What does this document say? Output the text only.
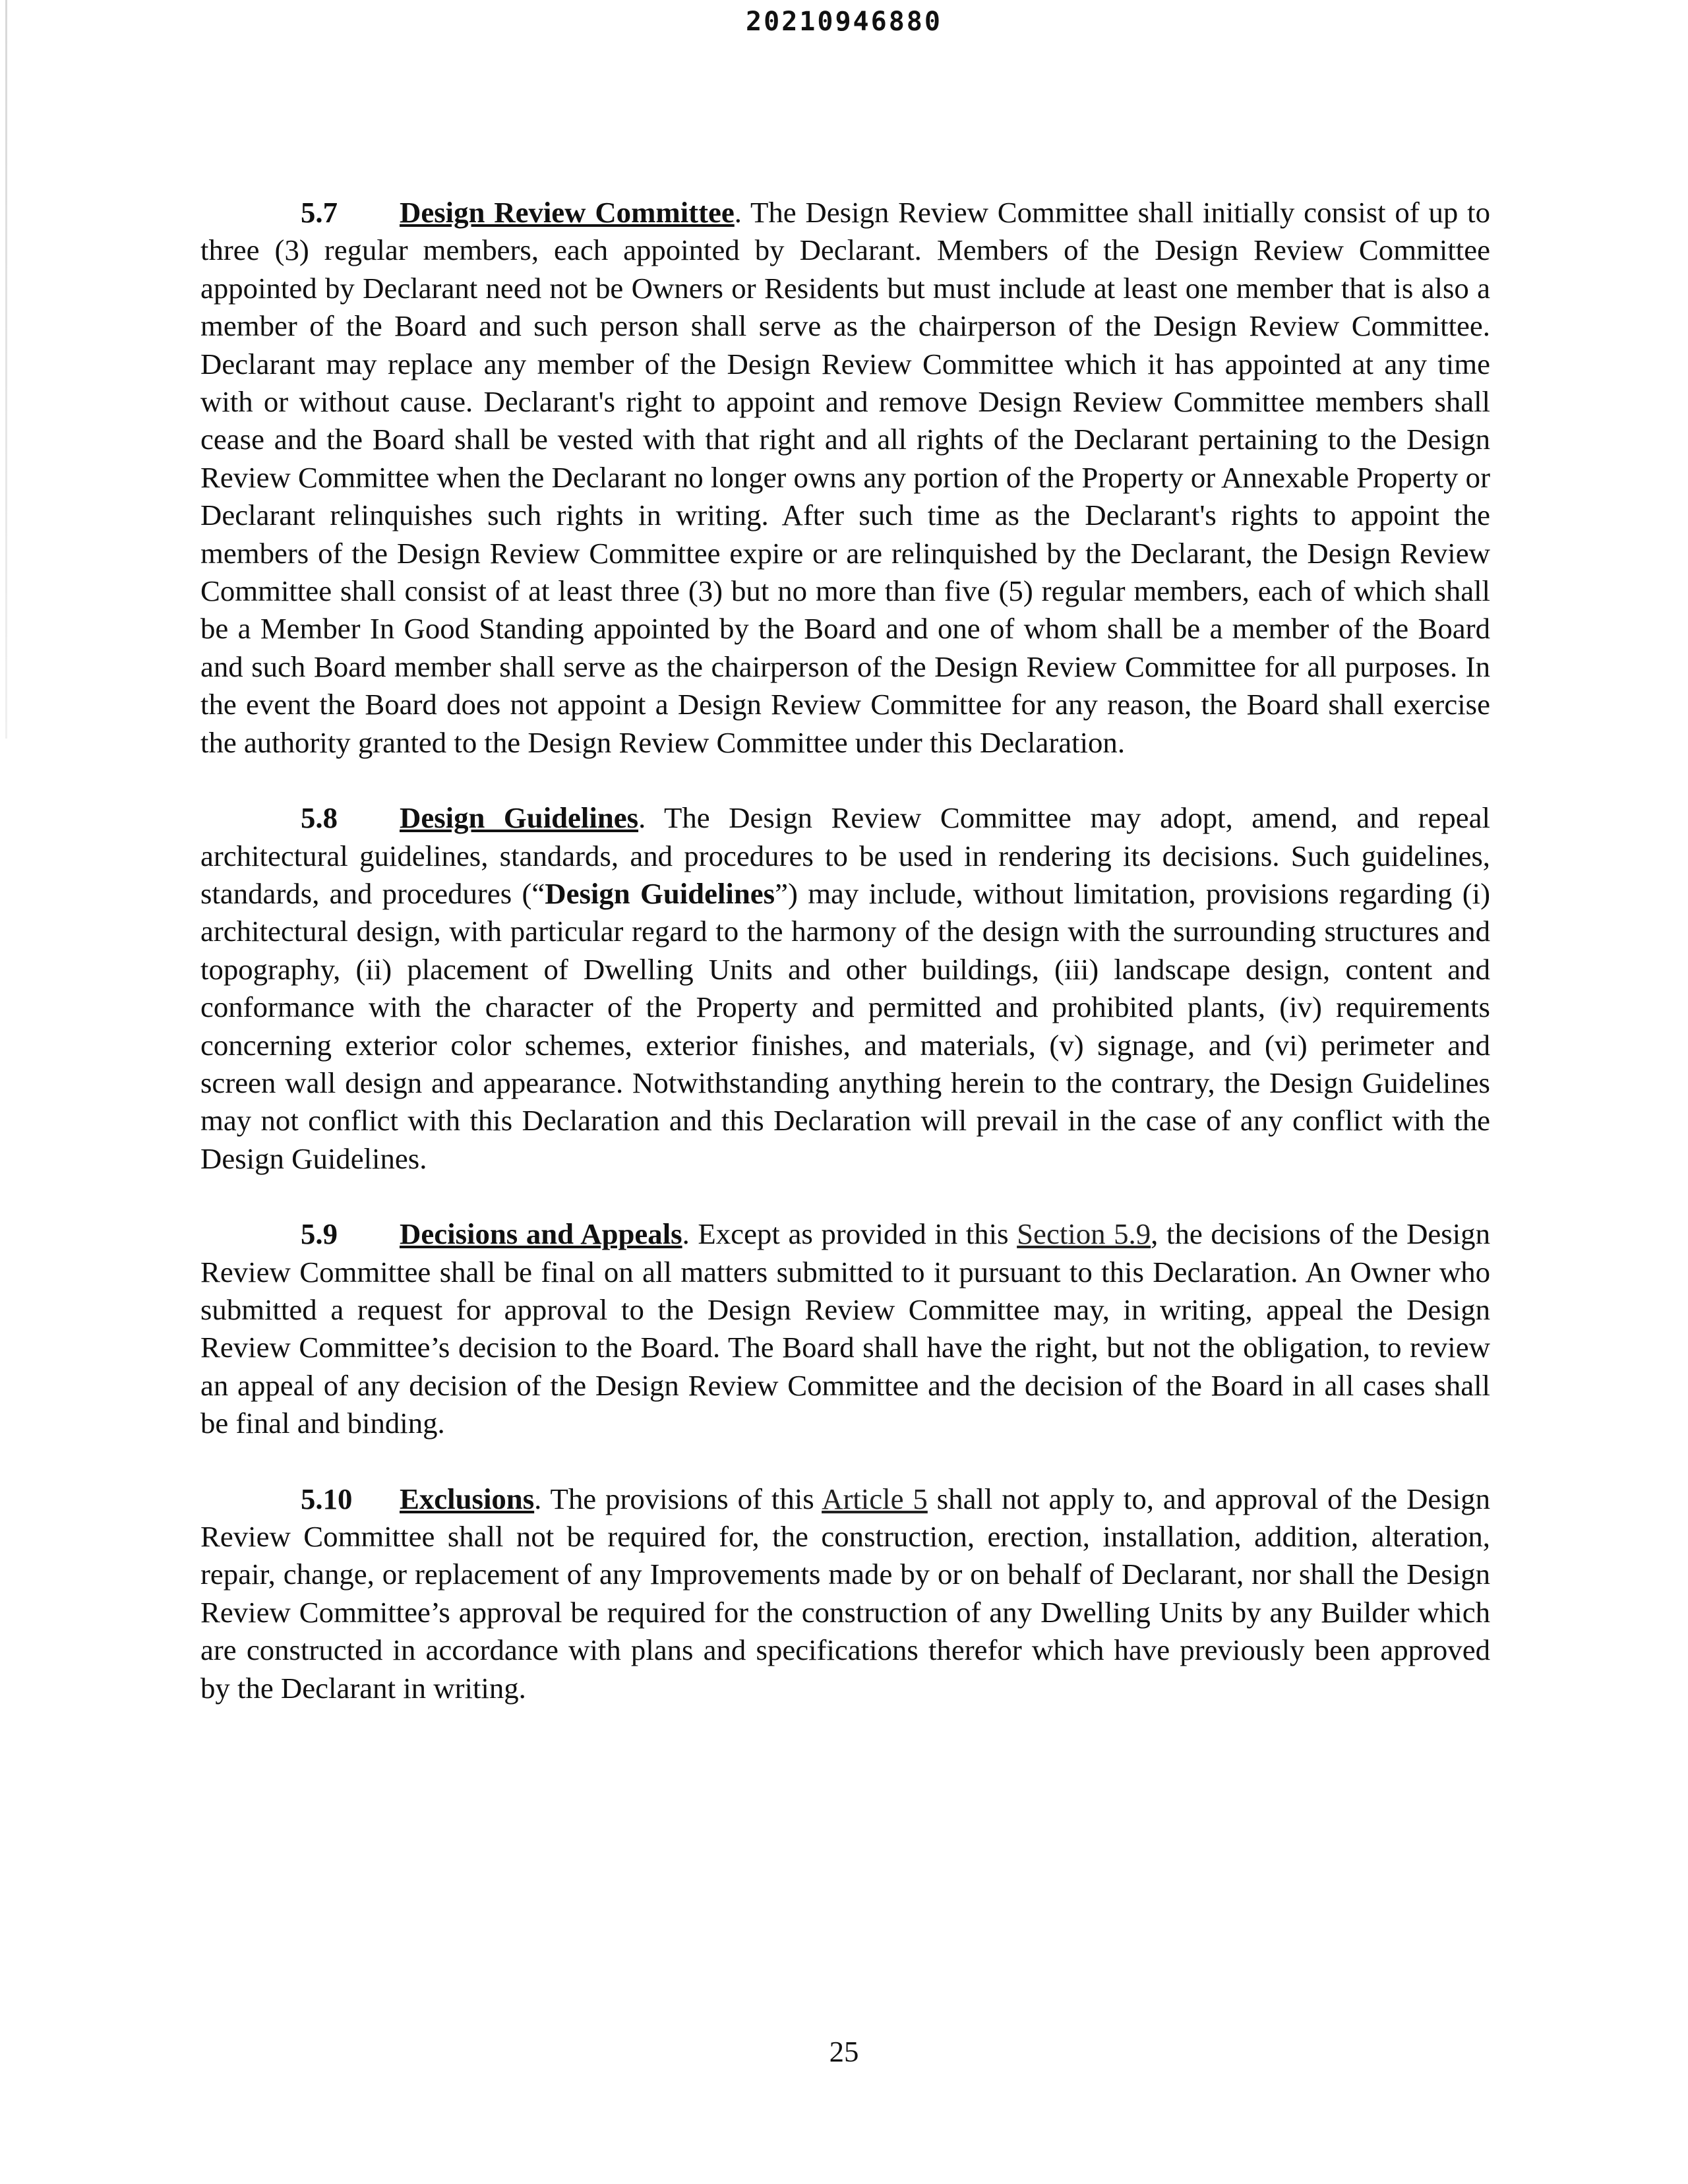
20210946880

5.7 Design Review Committee. The Design Review Committee shall initially consist of up to three (3) regular members, each appointed by Declarant. Members of the Design Review Committee appointed by Declarant need not be Owners or Residents but must include at least one member that is also a member of the Board and such person shall serve as the chairperson of the Design Review Committee. Declarant may replace any member of the Design Review Committee which it has appointed at any time with or without cause. Declarant's right to appoint and remove Design Review Committee members shall cease and the Board shall be vested with that right and all rights of the Declarant pertaining to the Design Review Committee when the Declarant no longer owns any portion of the Property or Annexable Property or Declarant relinquishes such rights in writing. After such time as the Declarant's rights to appoint the members of the Design Review Committee expire or are relinquished by the Declarant, the Design Review Committee shall consist of at least three (3) but no more than five (5) regular members, each of which shall be a Member In Good Standing appointed by the Board and one of whom shall be a member of the Board and such Board member shall serve as the chairperson of the Design Review Committee for all purposes. In the event the Board does not appoint a Design Review Committee for any reason, the Board shall exercise the authority granted to the Design Review Committee under this Declaration.

5.8 Design Guidelines. The Design Review Committee may adopt, amend, and repeal architectural guidelines, standards, and procedures to be used in rendering its decisions. Such guidelines, standards, and procedures (“Design Guidelines”) may include, without limitation, provisions regarding (i) architectural design, with particular regard to the harmony of the design with the surrounding structures and topography, (ii) placement of Dwelling Units and other buildings, (iii) landscape design, content and conformance with the character of the Property and permitted and prohibited plants, (iv) requirements concerning exterior color schemes, exterior finishes, and materials, (v) signage, and (vi) perimeter and screen wall design and appearance. Notwithstanding anything herein to the contrary, the Design Guidelines may not conflict with this Declaration and this Declaration will prevail in the case of any conflict with the Design Guidelines.

5.9 Decisions and Appeals. Except as provided in this Section 5.9, the decisions of the Design Review Committee shall be final on all matters submitted to it pursuant to this Declaration. An Owner who submitted a request for approval to the Design Review Committee may, in writing, appeal the Design Review Committee’s decision to the Board. The Board shall have the right, but not the obligation, to review an appeal of any decision of the Design Review Committee and the decision of the Board in all cases shall be final and binding.

5.10 Exclusions. The provisions of this Article 5 shall not apply to, and approval of the Design Review Committee shall not be required for, the construction, erection, installation, addition, alteration, repair, change, or replacement of any Improvements made by or on behalf of Declarant, nor shall the Design Review Committee’s approval be required for the construction of any Dwelling Units by any Builder which are constructed in accordance with plans and specifications therefor which have previously been approved by the Declarant in writing.

25
